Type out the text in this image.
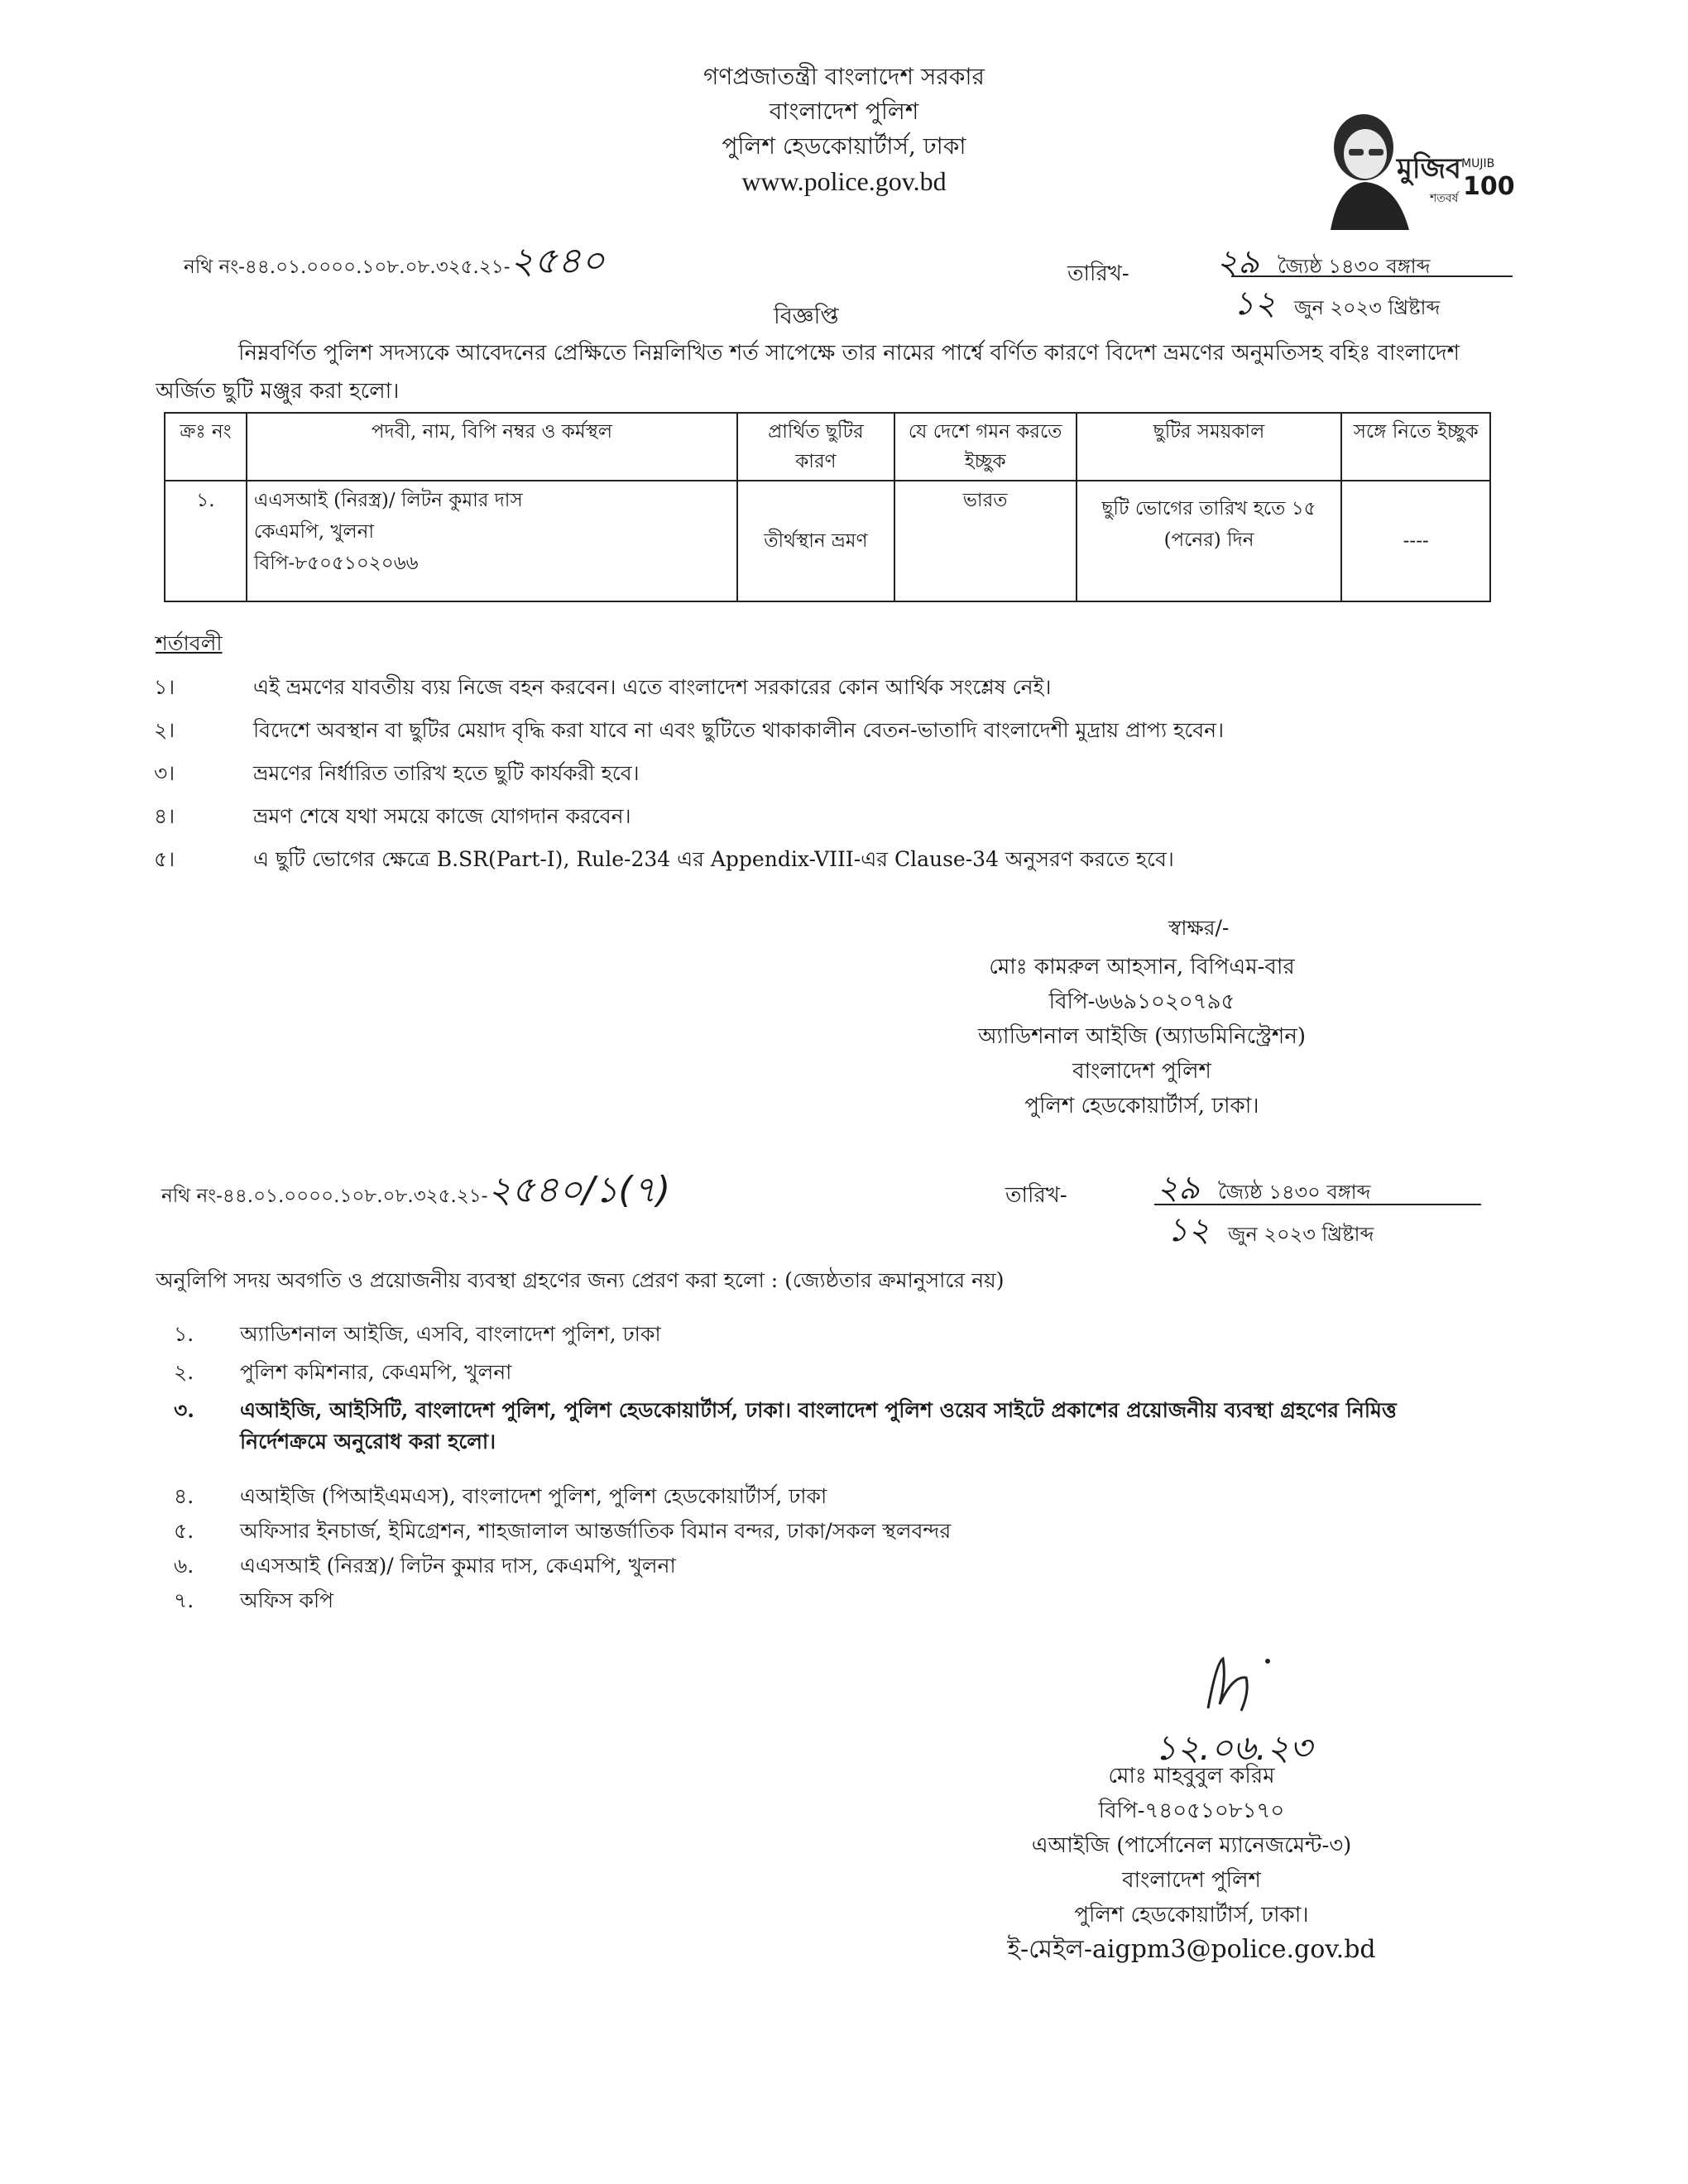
গণপ্রজাতন্ত্রী বাংলাদেশ সরকার
বাংলাদেশ পুলিশ
পুলিশ হেডকোয়ার্টার্স, ঢাকা
www.police.gov.bd	মুজিব
শতবর্ষ
MUJIB
100
নথি নং-৪৪.০১.০০০০.১০৮.০৮.৩২৫.২১-২৫৪০	তারিখ-	২৯ জ্যৈষ্ঠ ১৪৩০ বঙ্গাব্দ
১২ জুন ২০২৩ খ্রিষ্টাব্দ
বিজ্ঞপ্তি
নিম্নবর্ণিত পুলিশ সদস্যকে আবেদনের প্রেক্ষিতে নিম্নলিখিত শর্ত সাপেক্ষে তার নামের পার্শ্বে বর্ণিত কারণে বিদেশ ভ্রমণের অনুমতিসহ বহিঃ বাংলাদেশ অর্জিত ছুটি মঞ্জুর করা হলো।
ক্রঃ নং	পদবী, নাম, বিপি নম্বর ও কর্মস্থল	প্রার্থিত ছুটির কারণ	যে দেশে গমন করতে ইচ্ছুক	ছুটির সময়কাল	সঙ্গে নিতে ইচ্ছুক
১.	এএসআই (নিরস্ত্র)/ লিটন কুমার দাস
কেএমপি, খুলনা
বিপি-৮৫০৫১০২০৬৬	তীর্থস্থান ভ্রমণ	ভারত	ছুটি ভোগের তারিখ হতে ১৫ (পনের) দিন	----
শর্তাবলী
১।	এই ভ্রমণের যাবতীয় ব্যয় নিজে বহন করবেন। এতে বাংলাদেশ সরকারের কোন আর্থিক সংশ্লেষ নেই।
২।	বিদেশে অবস্থান বা ছুটির মেয়াদ বৃদ্ধি করা যাবে না এবং ছুটিতে থাকাকালীন বেতন-ভাতাদি বাংলাদেশী মুদ্রায় প্রাপ্য হবেন।
৩।	ভ্রমণের নির্ধারিত তারিখ হতে ছুটি কার্যকরী হবে।
৪।	ভ্রমণ শেষে যথা সময়ে কাজে যোগদান করবেন।
৫।	এ ছুটি ভোগের ক্ষেত্রে B.SR(Part-I), Rule-234 এর Appendix-VIII-এর Clause-34 অনুসরণ করতে হবে।
স্বাক্ষর/-
মোঃ কামরুল আহসান, বিপিএম-বার
বিপি-৬৬৯১০২০৭৯৫
অ্যাডিশনাল আইজি (অ্যাডমিনিস্ট্রেশন)
বাংলাদেশ পুলিশ
পুলিশ হেডকোয়ার্টার্স, ঢাকা।
নথি নং-৪৪.০১.০০০০.১০৮.০৮.৩২৫.২১-২৫৪০/১(৭)	তারিখ-	২৯ জ্যৈষ্ঠ ১৪৩০ বঙ্গাব্দ
১২ জুন ২০২৩ খ্রিষ্টাব্দ
অনুলিপি সদয় অবগতি ও প্রয়োজনীয় ব্যবস্থা গ্রহণের জন্য প্রেরণ করা হলো : (জ্যেষ্ঠতার ক্রমানুসারে নয়)
১. অ্যাডিশনাল আইজি, এসবি, বাংলাদেশ পুলিশ, ঢাকা
২. পুলিশ কমিশনার, কেএমপি, খুলনা
৩. এআইজি, আইসিটি, বাংলাদেশ পুলিশ, পুলিশ হেডকোয়ার্টার্স, ঢাকা। বাংলাদেশ পুলিশ ওয়েব সাইটে প্রকাশের প্রয়োজনীয় ব্যবস্থা গ্রহণের নিমিত্ত নির্দেশক্রমে অনুরোধ করা হলো।
৪. এআইজি (পিআইএমএস), বাংলাদেশ পুলিশ, পুলিশ হেডকোয়ার্টার্স, ঢাকা
৫. অফিসার ইনচার্জ, ইমিগ্রেশন, শাহজালাল আন্তর্জাতিক বিমান বন্দর, ঢাকা/সকল স্থলবন্দর
৬. এএসআই (নিরস্ত্র)/ লিটন কুমার দাস, কেএমপি, খুলনা
৭. অফিস কপি
১২.০৬.২৩
মোঃ মাহবুবুল করিম
বিপি-৭৪০৫১০৮১৭০
এআইজি (পার্সোনেল ম্যানেজমেন্ট-৩)
বাংলাদেশ পুলিশ
পুলিশ হেডকোয়ার্টার্স, ঢাকা।
ই-মেইল-aigpm3@police.gov.bd
